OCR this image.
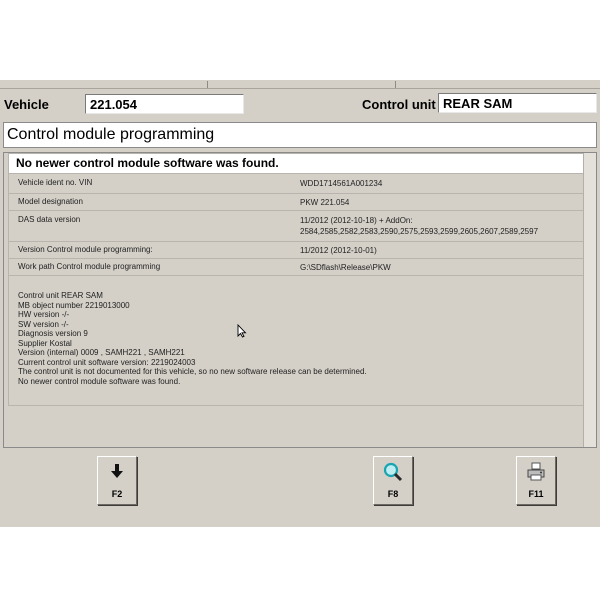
Vehicle	221.054	Control unit REAR SAM
Control module programming
No newer control module software was found.
Vehicle ident no. VIN	WDD1714561A001234
Model designation	PKW 221.054
DAS data version	11/2012 (2012-10-18) + AddOn:
2584,2585,2582,2583,2590,2575,2593,2599,2605,2607,2589,2597
Version Control module programming:	11/2012 (2012-10-01)
Work path Control module programming	G:\SDflash\Release\PKW
Control unit REAR SAM
MB object number 2219013000
HW version -/-
SW version -/-
Diagnosis version 9
Supplier Kostal
Version (internal) 0009 , SAMH221 , SAMH221
Current control unit software version: 2219024003
The control unit is not documented for this vehicle, so no new software release can be determined.
No newer control module software was found.
F2	F8	F11
